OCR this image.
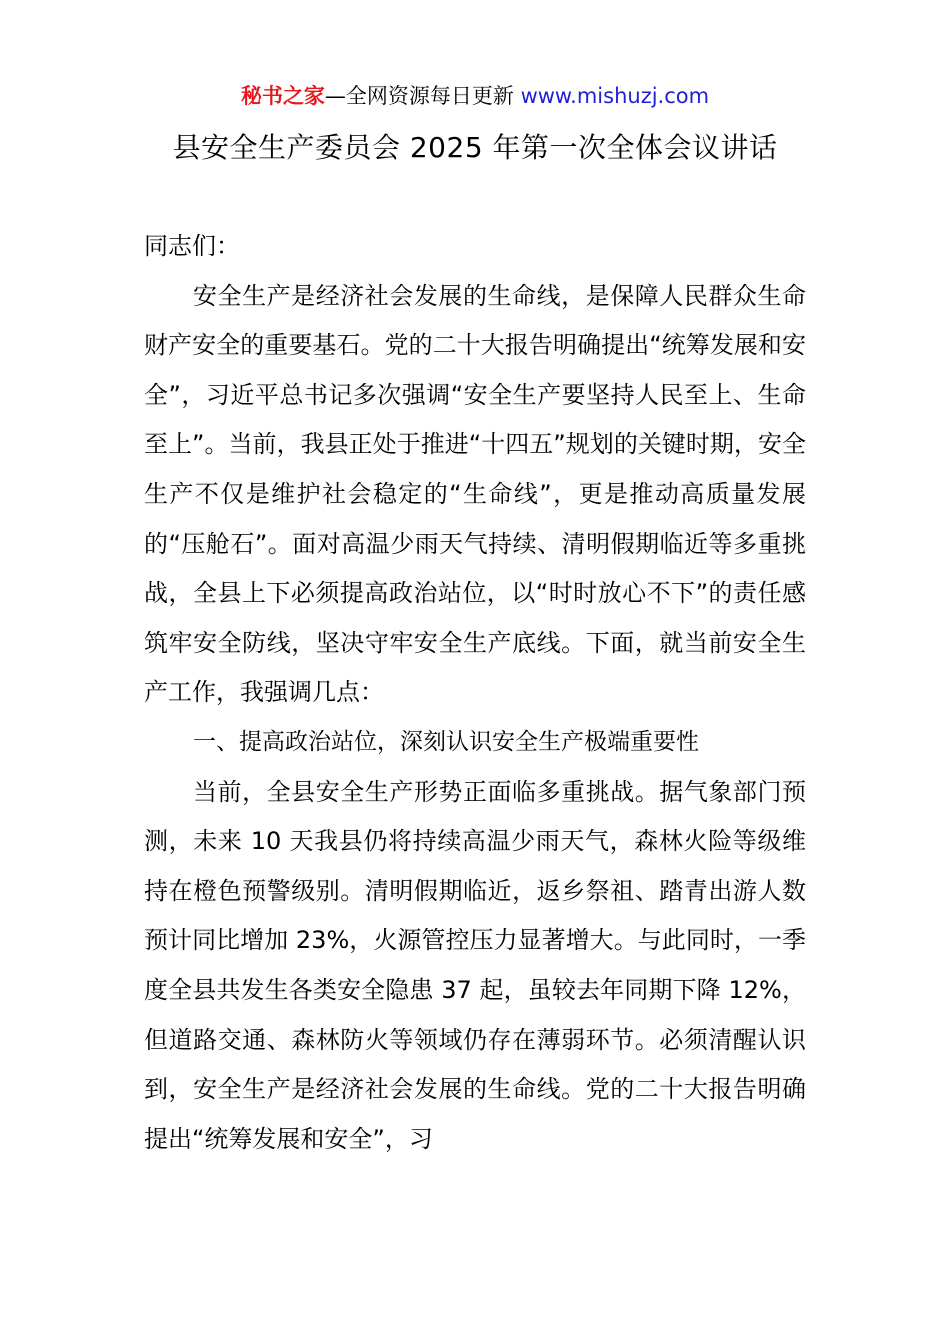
秘书之家—全网资源每日更新 www.mishuzj.com
县安全生产委员会 2025 年第一次全体会议讲话

同志们：

安全生产是经济社会发展的生命线，是保障人民群众生命财产安全的重要基石。党的二十大报告明确提出“统筹发展和安全”，习近平总书记多次强调“安全生产要坚持人民至上、生命至上”。当前，我县正处于推进“十四五”规划的关键时期，安全生产不仅是维护社会稳定的“生命线”，更是推动高质量发展的“压舱石”。面对高温少雨天气持续、清明假期临近等多重挑战，全县上下必须提高政治站位，以“时时放心不下”的责任感筑牢安全防线，坚决守牢安全生产底线。下面，就当前安全生产工作，我强调几点：

一、提高政治站位，深刻认识安全生产极端重要性

当前，全县安全生产形势正面临多重挑战。据气象部门预测，未来 10 天我县仍将持续高温少雨天气，森林火险等级维持在橙色预警级别。清明假期临近，返乡祭祖、踏青出游人数预计同比增加 23%，火源管控压力显著增大。与此同时，一季度全县共发生各类安全隐患 37 起，虽较去年同期下降 12%，但道路交通、森林防火等领域仍存在薄弱环节。必须清醒认识到，安全生产是经济社会发展的生命线。党的二十大报告明确提出“统筹发展和安全”，习
